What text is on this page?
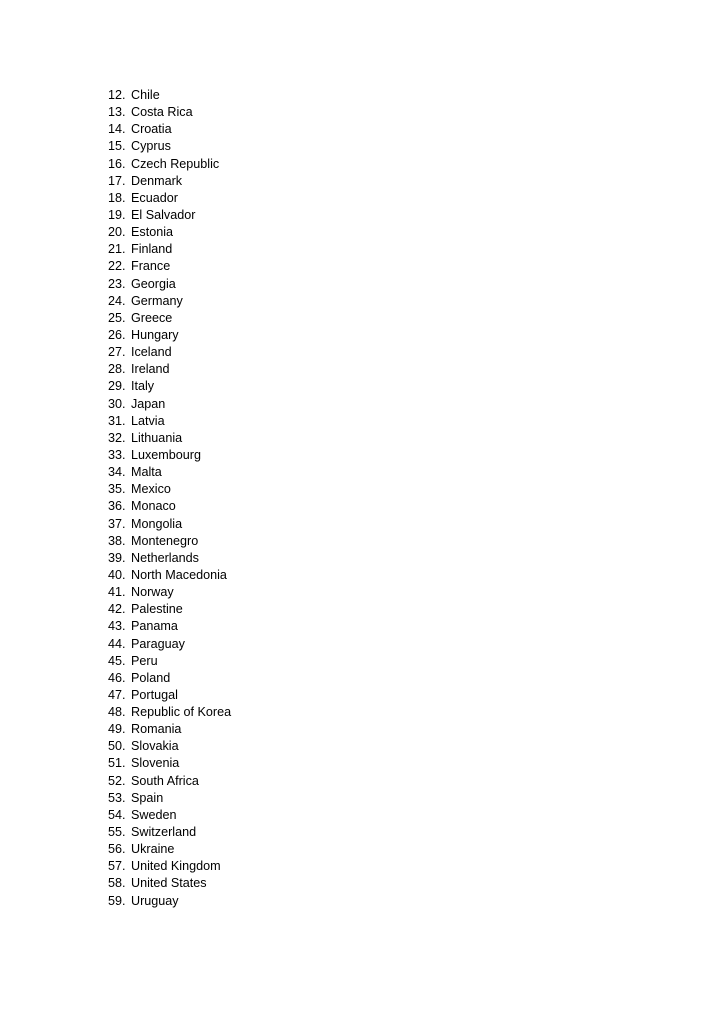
12. Chile
13. Costa Rica
14. Croatia
15. Cyprus
16. Czech Republic
17. Denmark
18. Ecuador
19. El Salvador
20. Estonia
21. Finland
22. France
23. Georgia
24. Germany
25. Greece
26. Hungary
27. Iceland
28. Ireland
29. Italy
30. Japan
31. Latvia
32. Lithuania
33. Luxembourg
34. Malta
35. Mexico
36. Monaco
37. Mongolia
38. Montenegro
39. Netherlands
40. North Macedonia
41. Norway
42. Palestine
43. Panama
44. Paraguay
45. Peru
46. Poland
47. Portugal
48. Republic of Korea
49. Romania
50. Slovakia
51. Slovenia
52. South Africa
53. Spain
54. Sweden
55. Switzerland
56. Ukraine
57. United Kingdom
58. United States
59. Uruguay
